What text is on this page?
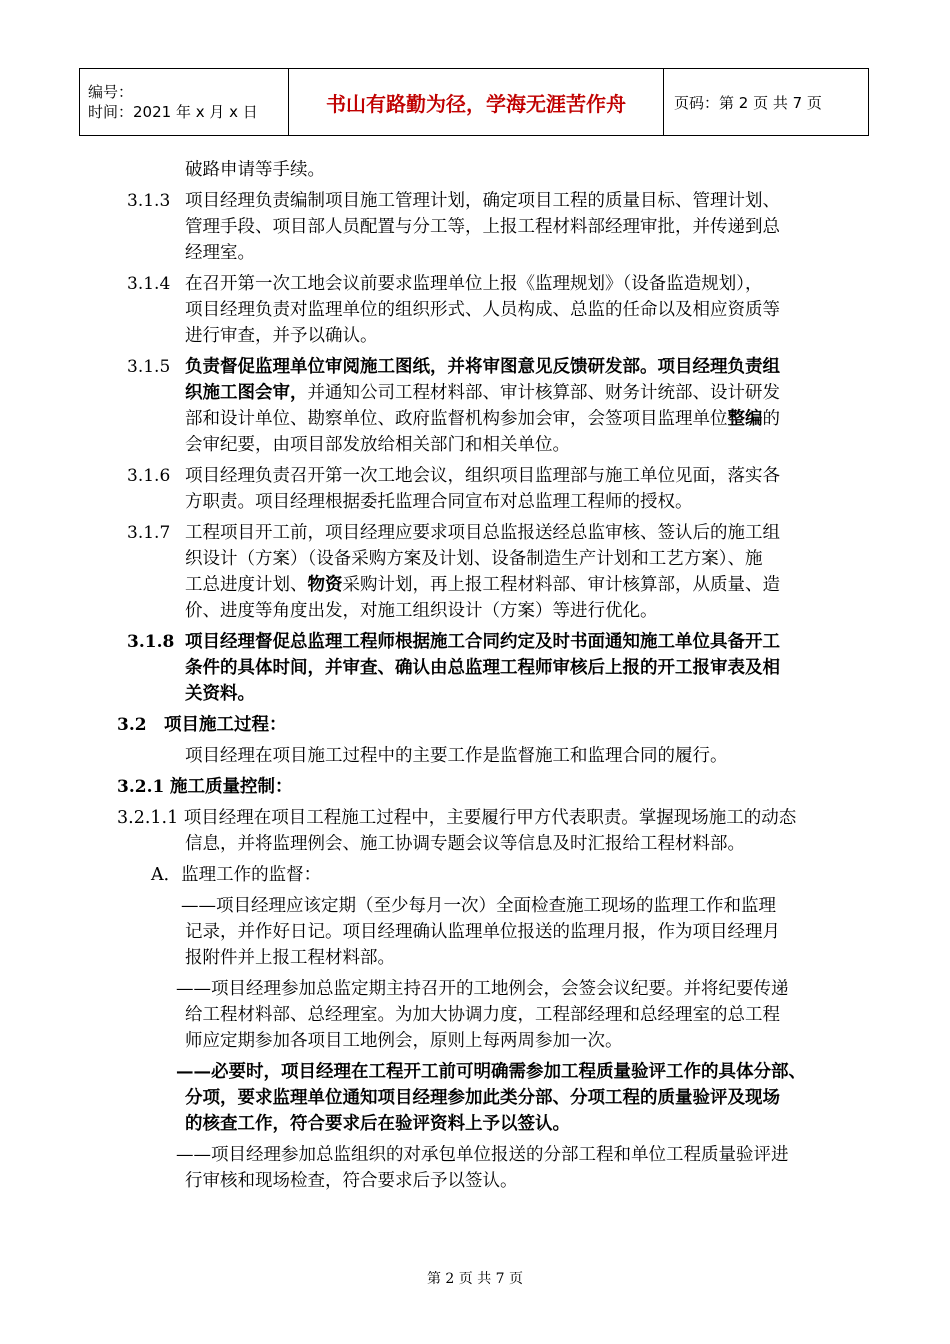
编号：
时间：2021 年 x 月 x 日	书山有路勤为径，学海无涯苦作舟	页码：第 2 页 共 7 页
破路申请等手续。
3.1.3 项目经理负责编制项目施工管理计划，确定项目工程的质量目标、管理计划、
管理手段、项目部人员配置与分工等，上报工程材料部经理审批，并传递到总
经理室。
3.1.4 在召开第一次工地会议前要求监理单位上报《监理规划》（设备监造规划），
项目经理负责对监理单位的组织形式、人员构成、总监的任命以及相应资质等
进行审查，并予以确认。
3.1.5 负责督促监理单位审阅施工图纸，并将审图意见反馈研发部。项目经理负责组
织施工图会审，并通知公司工程材料部、审计核算部、财务计统部、设计研发
部和设计单位、勘察单位、政府监督机构参加会审，会签项目监理单位整编的
会审纪要，由项目部发放给相关部门和相关单位。
3.1.6 项目经理负责召开第一次工地会议，组织项目监理部与施工单位见面，落实各
方职责。项目经理根据委托监理合同宣布对总监理工程师的授权。
3.1.7 工程项目开工前，项目经理应要求项目总监报送经总监审核、签认后的施工组
织设计（方案）（设备采购方案及计划、设备制造生产计划和工艺方案）、施
工总进度计划、物资采购计划，再上报工程材料部、审计核算部，从质量、造
价、进度等角度出发，对施工组织设计（方案）等进行优化。
3.1.8 项目经理督促总监理工程师根据施工合同约定及时书面通知施工单位具备开工
条件的具体时间，并审查、确认由总监理工程师审核后上报的开工报审表及相
关资料。
3.2 项目施工过程：
项目经理在项目施工过程中的主要工作是监督施工和监理合同的履行。
3.2.1 施工质量控制：
3.2.1.1 项目经理在项目工程施工过程中，主要履行甲方代表职责。掌握现场施工的动态
信息，并将监理例会、施工协调专题会议等信息及时汇报给工程材料部。
A．监理工作的监督：
——项目经理应该定期（至少每月一次）全面检查施工现场的监理工作和监理
记录，并作好日记。项目经理确认监理单位报送的监理月报，作为项目经理月
报附件并上报工程材料部。
——项目经理参加总监定期主持召开的工地例会，会签会议纪要。并将纪要传递
给工程材料部、总经理室。为加大协调力度，工程部经理和总经理室的总工程
师应定期参加各项目工地例会，原则上每两周参加一次。
——必要时，项目经理在工程开工前可明确需参加工程质量验评工作的具体分部、
分项，要求监理单位通知项目经理参加此类分部、分项工程的质量验评及现场
的核查工作，符合要求后在验评资料上予以签认。
——项目经理参加总监组织的对承包单位报送的分部工程和单位工程质量验评进
行审核和现场检查，符合要求后予以签认。
第 2 页 共 7 页
